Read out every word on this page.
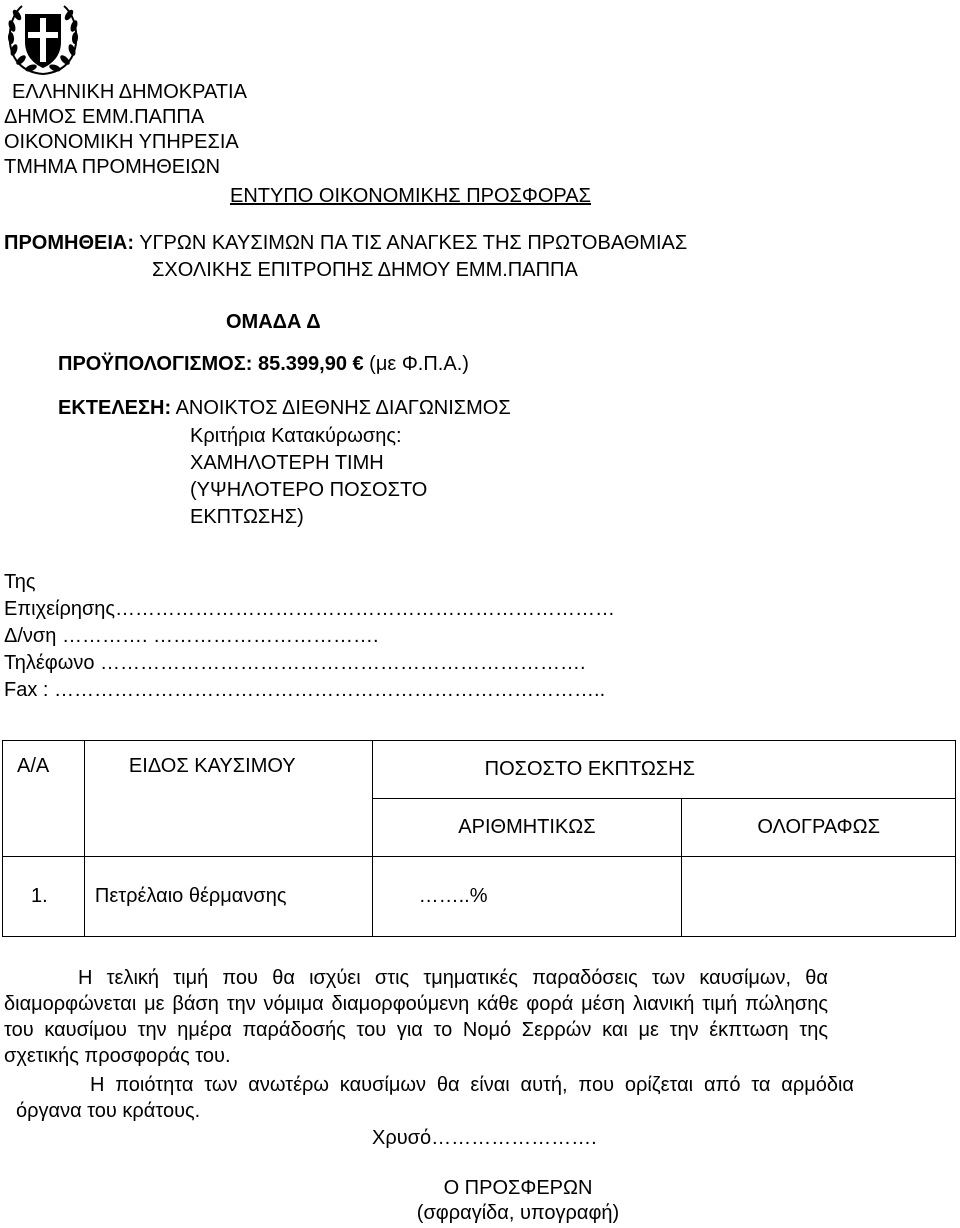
ΕΛΛΗΝΙΚΗ ΔΗΜΟΚΡΑΤΙΑ
ΔΗΜΟΣ ΕΜΜ.ΠΑΠΠΑ
ΟΙΚΟΝΟΜΙΚΗ ΥΠΗΡΕΣΙΑ
ΤΜΗΜΑ ΠΡΟΜΗΘΕΙΩΝ
ΕΝΤΥΠΟ ΟΙΚΟΝΟΜΙΚΗΣ ΠΡΟΣΦΟΡΑΣ
ΠΡΟΜΗΘΕΙΑ: ΥΓΡΩΝ ΚΑΥΣΙΜΩΝ ΠΑ ΤΙΣ ΑΝΑΓΚΕΣ ΤΗΣ ΠΡΩΤΟΒΑΘΜΙΑΣ
ΣΧΟΛΙΚΗΣ ΕΠΙΤΡΟΠΗΣ ΔΗΜΟΥ ΕΜΜ.ΠΑΠΠΑ
ΟΜΑΔΑ Δ
ΠΡΟΫΠΟΛΟΓΙΣΜΟΣ: 85.399,90 € (με Φ.Π.Α.)
ΕΚΤΕΛΕΣΗ: ΑΝΟΙΚΤΟΣ ΔΙΕΘΝΗΣ ΔΙΑΓΩΝΙΣΜΟΣ
Κριτήρια Κατακύρωσης:
ΧΑΜΗΛΟΤΕΡΗ ΤΙΜΗ
(ΥΨΗΛΟΤΕΡΟ ΠΟΣΟΣΤΟ
ΕΚΠΤΩΣΗΣ)
Της
Επιχείρησης…………………………………………………………………
Δ/νση …………. …………………………….
Τηλέφωνο ……………………………………………………………….
Fax : ………………………………………………………………………..
Α/Α	ΕΙΔΟΣ ΚΑΥΣΙΜΟΥ	ΠΟΣΟΣΤΟ ΕΚΠΤΩΣΗΣ	
		ΑΡΙΘΜΗΤΙΚΩΣ	ΟΛΟΓΡΑΦΩΣ
1.	Πετρέλαιο θέρμανσης	……..%	
Η τελική τιμή που θα ισχύει στις τμηματικές παραδόσεις των καυσίμων, θα διαμορφώνεται με βάση την νόμιμα διαμορφούμενη κάθε φορά μέση λιανική τιμή πώλησης του καυσίμου την ημέρα παράδοσής του για το Νομό Σερρών και με την έκπτωση της σχετικής προσφοράς του.
Η ποιότητα των ανωτέρω καυσίμων θα είναι αυτή, που ορίζεται από τα αρμόδια όργανα του κράτους.
Χρυσό…………………….
Ο ΠΡΟΣΦΕΡΩΝ
(σφραγίδα, υπογραφή)
